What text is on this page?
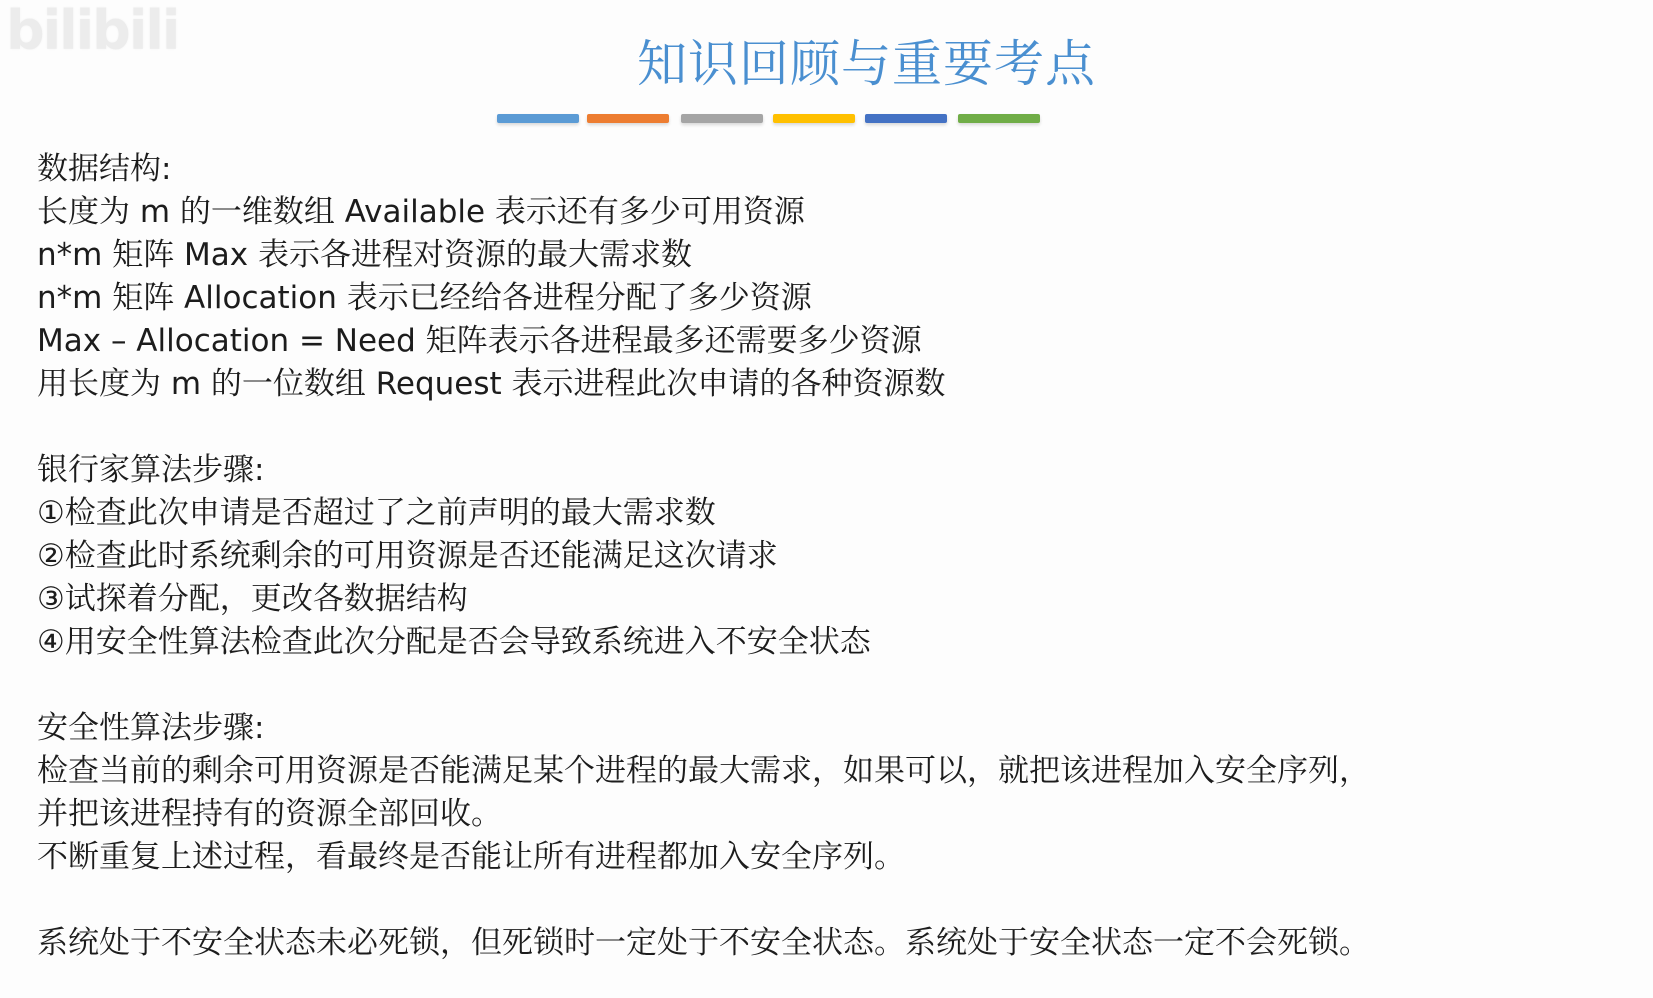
bilibili
知识回顾与重要考点
数据结构:
长度为 m 的一维数组 Available 表示还有多少可用资源
n*m 矩阵 Max 表示各进程对资源的最大需求数
n*m 矩阵 Allocation 表示已经给各进程分配了多少资源
Max – Allocation = Need 矩阵表示各进程最多还需要多少资源
用长度为 m 的一位数组 Request 表示进程此次申请的各种资源数
银行家算法步骤:
①检查此次申请是否超过了之前声明的最大需求数
②检查此时系统剩余的可用资源是否还能满足这次请求
③试探着分配，更改各数据结构
④用安全性算法检查此次分配是否会导致系统进入不安全状态
安全性算法步骤:
检查当前的剩余可用资源是否能满足某个进程的最大需求，如果可以，就把该进程加入安全序列，
并把该进程持有的资源全部回收。
不断重复上述过程，看最终是否能让所有进程都加入安全序列。
系统处于不安全状态未必死锁，但死锁时一定处于不安全状态。系统处于安全状态一定不会死锁。
